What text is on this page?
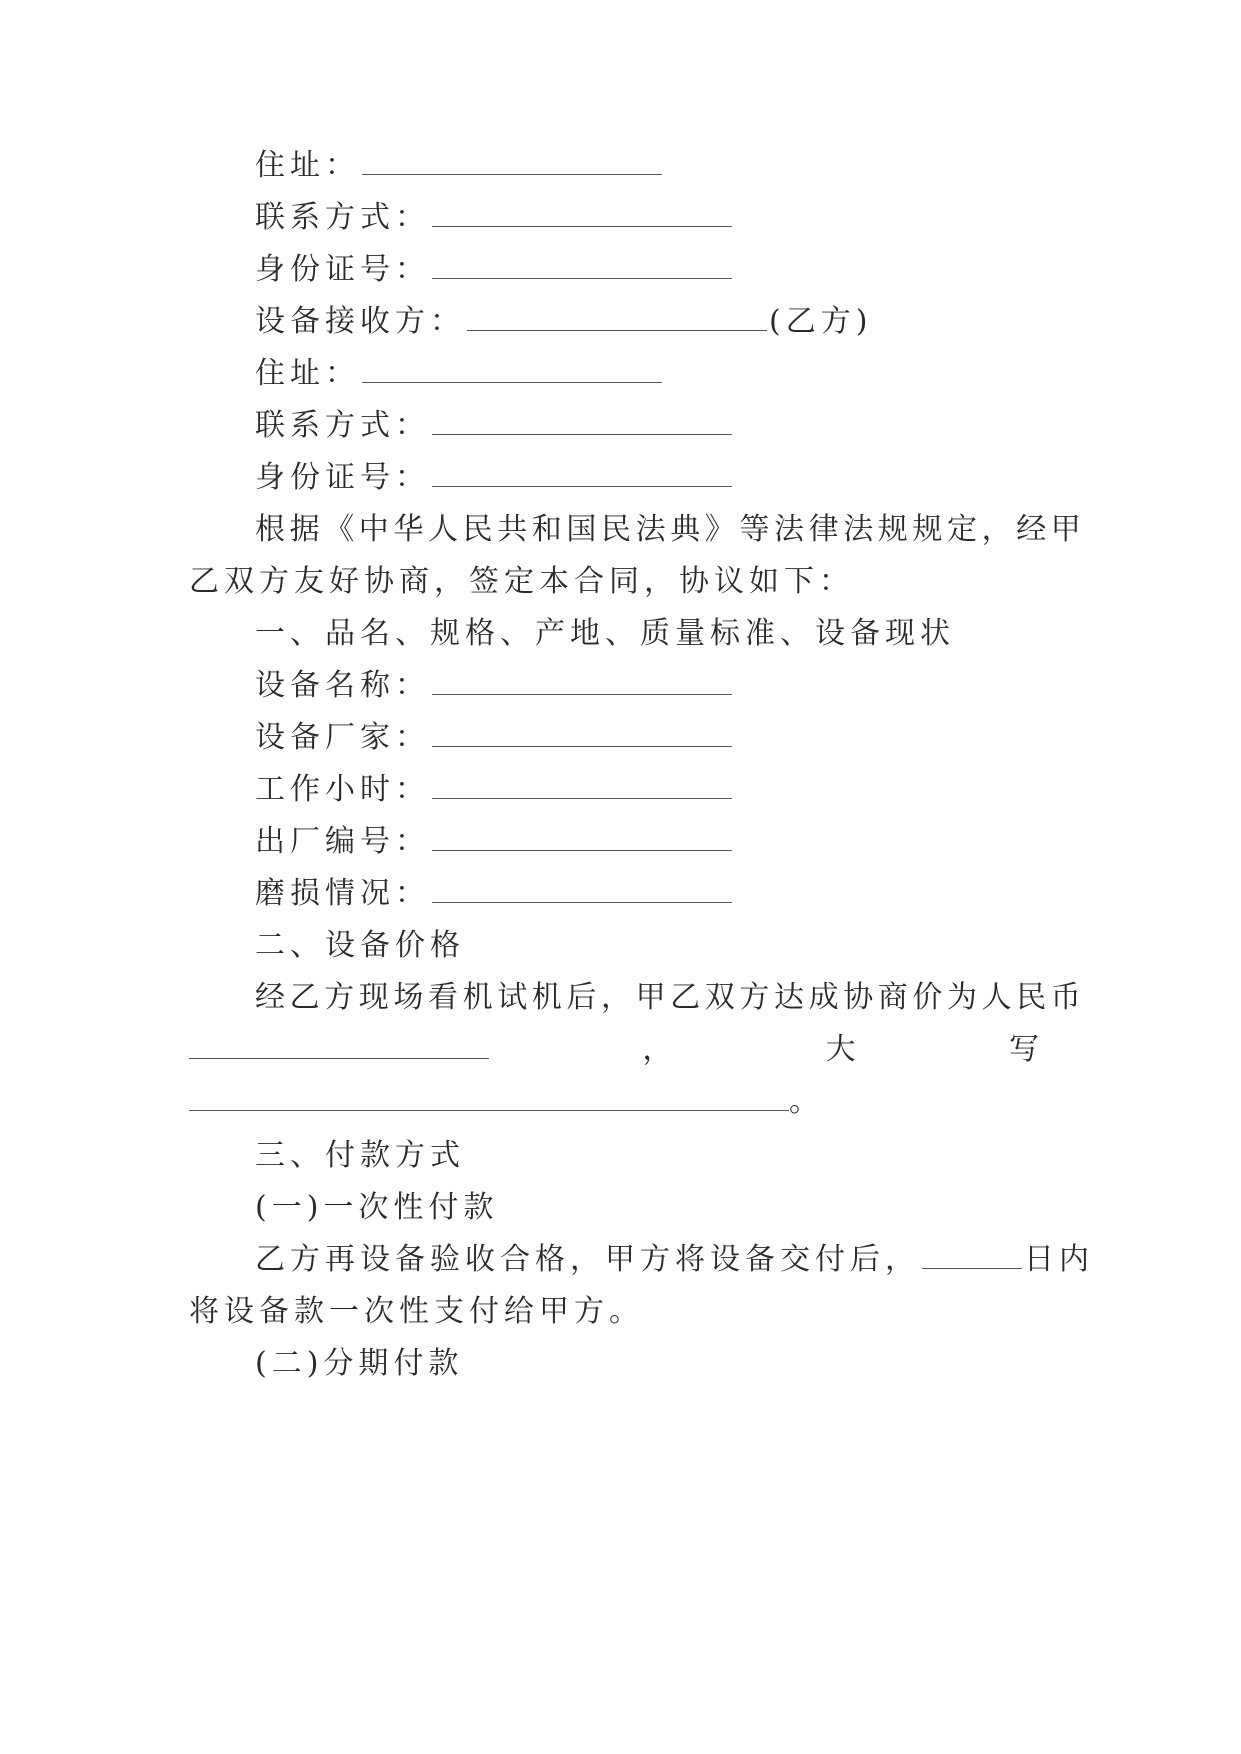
住址：
联系方式：
身份证号：
设备接收方：	(乙方)
住址：
联系方式：
身份证号：
根据《中华人民共和国民法典》等法律法规规定，经甲
乙双方友好协商，签定本合同，协议如下：
一、品名、规格、产地、质量标准、设备现状
设备名称：
设备厂家：
工作小时：
出厂编号：
磨损情况：
二、设备价格
经乙方现场看机试机后，甲乙双方达成协商价为人民币
，	大	写
。
三、付款方式
(一)一次性付款
乙方再设备验收合格，甲方将设备交付后，	日内
将设备款一次性支付给甲方。
(二)分期付款
